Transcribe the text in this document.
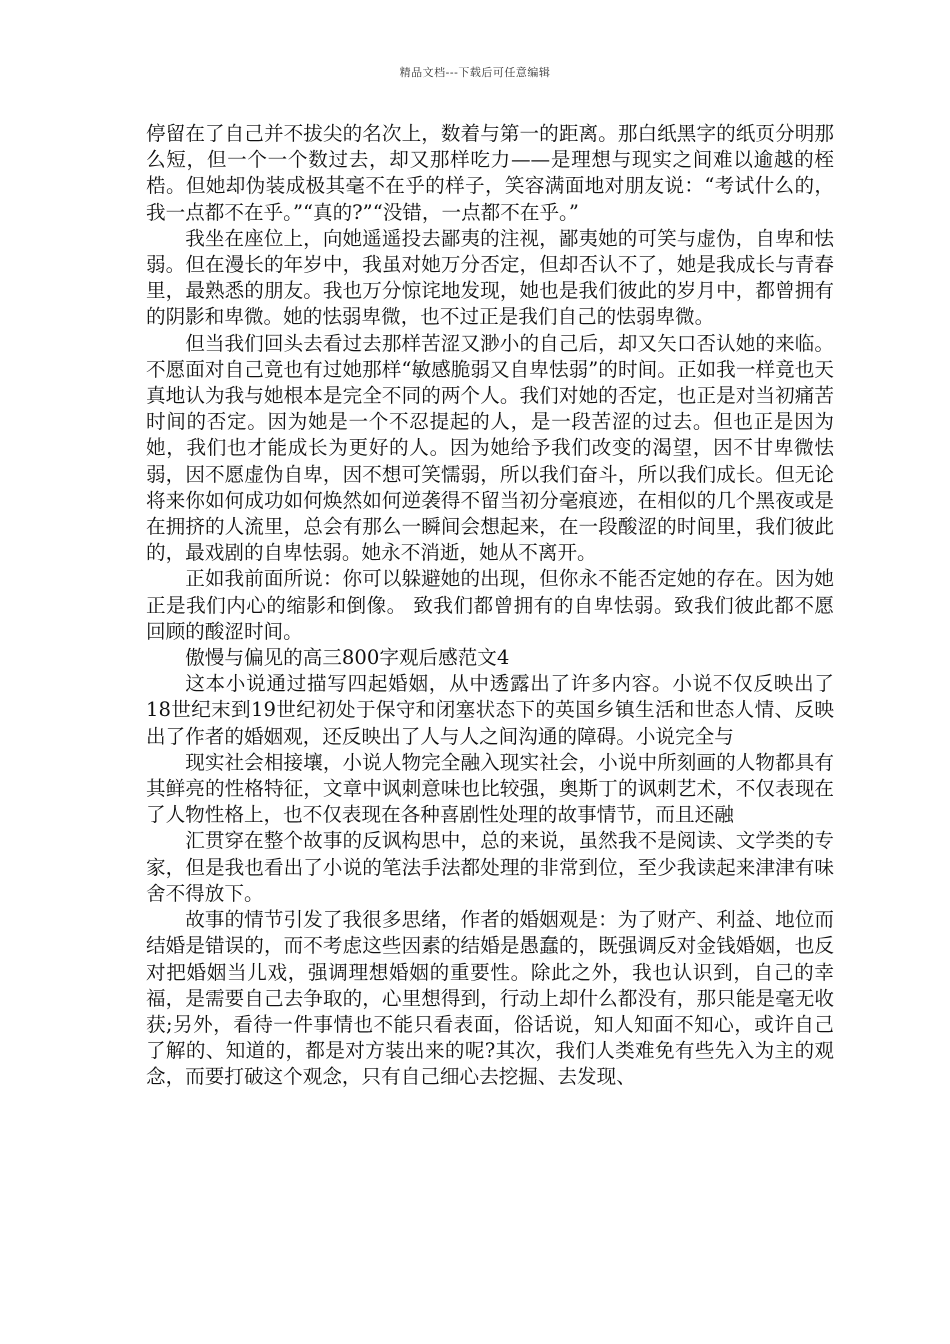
精品文档---下载后可任意编辑

停留在了自己并不拔尖的名次上，数着与第一的距离。那白纸黑字的纸页分明那么短，但一个一个数过去，却又那样吃力——是理想与现实之间难以逾越的桎梏。但她却伪装成极其毫不在乎的样子，笑容满面地对朋友说：“考试什么的，我一点都不在乎。”“真的?”“没错，一点都不在乎。”

我坐在座位上，向她遥遥投去鄙夷的注视，鄙夷她的可笑与虚伪，自卑和怯弱。但在漫长的年岁中，我虽对她万分否定，但却否认不了，她是我成长与青春里，最熟悉的朋友。我也万分惊诧地发现，她也是我们彼此的岁月中，都曾拥有的阴影和卑微。她的怯弱卑微，也不过正是我们自己的怯弱卑微。

但当我们回头去看过去那样苦涩又渺小的自己后，却又矢口否认她的来临。不愿面对自己竟也有过她那样“敏感脆弱又自卑怯弱”的时间。正如我一样竟也天真地认为我与她根本是完全不同的两个人。我们对她的否定，也正是对当初痛苦时间的否定。因为她是一个不忍提起的人，是一段苦涩的过去。但也正是因为她，我们也才能成长为更好的人。因为她给予我们改变的渴望，因不甘卑微怯弱，因不愿虚伪自卑，因不想可笑懦弱，所以我们奋斗，所以我们成长。但无论将来你如何成功如何焕然如何逆袭得不留当初分毫痕迹，在相似的几个黑夜或是在拥挤的人流里，总会有那么一瞬间会想起来，在一段酸涩的时间里，我们彼此的，最戏剧的自卑怯弱。她永不消逝，她从不离开。

正如我前面所说：你可以躲避她的出现，但你永不能否定她的存在。因为她正是我们内心的缩影和倒像。 致我们都曾拥有的自卑怯弱。致我们彼此都不愿回顾的酸涩时间。

傲慢与偏见的高三800字观后感范文4

这本小说通过描写四起婚姻，从中透露出了许多内容。小说不仅反映出了18世纪末到19世纪初处于保守和闭塞状态下的英国乡镇生活和世态人情、反映出了作者的婚姻观，还反映出了人与人之间沟通的障碍。小说完全与

现实社会相接壤，小说人物完全融入现实社会，小说中所刻画的人物都具有其鲜亮的性格特征，文章中讽刺意味也比较强，奥斯丁的讽刺艺术，不仅表现在了人物性格上，也不仅表现在各种喜剧性处理的故事情节，而且还融

汇贯穿在整个故事的反讽构思中，总的来说，虽然我不是阅读、文学类的专家，但是我也看出了小说的笔法手法都处理的非常到位，至少我读起来津津有味舍不得放下。

故事的情节引发了我很多思绪，作者的婚姻观是：为了财产、利益、地位而结婚是错误的，而不考虑这些因素的结婚是愚蠢的，既强调反对金钱婚姻，也反对把婚姻当儿戏，强调理想婚姻的重要性。除此之外，我也认识到，自己的幸福，是需要自己去争取的，心里想得到，行动上却什么都没有，那只能是毫无收获;另外，看待一件事情也不能只看表面，俗话说，知人知面不知心，或许自己了解的、知道的，都是对方装出来的呢?其次，我们人类难免有些先入为主的观念，而要打破这个观念，只有自己细心去挖掘、去发现、
